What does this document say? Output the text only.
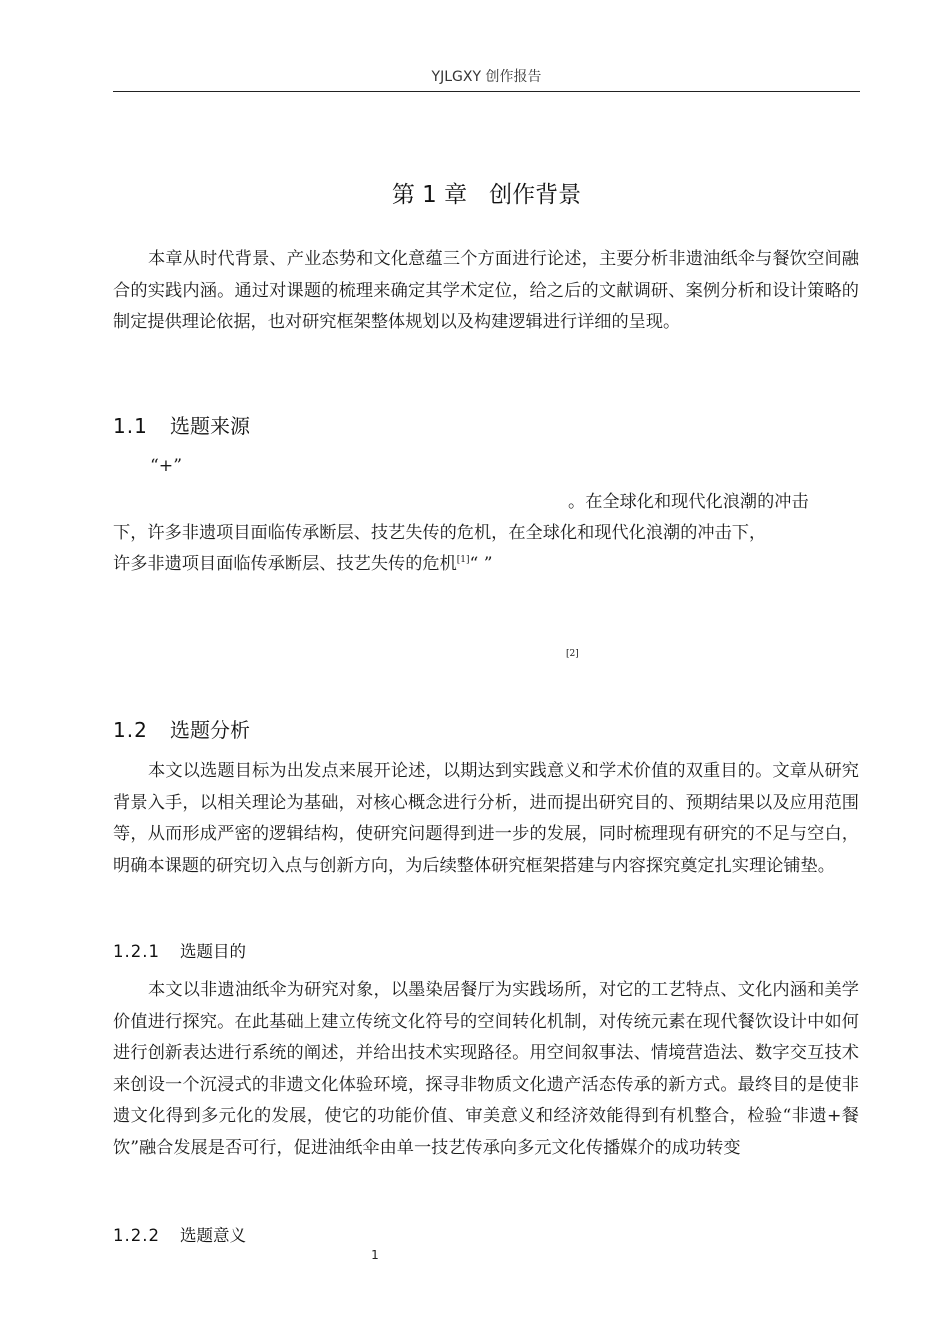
YJLGXY 创作报告
第 1 章 创作背景

本章从时代背景、产业态势和文化意蕴三个方面进行论述，主要分析非遗油纸伞与餐饮空间融合的实践内涵。通过对课题的梳理来确定其学术定位，给之后的文献调研、案例分析和设计策略的制定提供理论依据，也对研究框架整体规划以及构建逻辑进行详细的呈现。

1.1 选题来源
“+”
。在全球化和现代化浪潮的冲击
下，许多非遗项目面临传承断层、技艺失传的危机，在全球化和现代化浪潮的冲击下，
许多非遗项目面临传承断层、技艺失传的危机[1]“ ”
[2]
1.2 选题分析

本文以选题目标为出发点来展开论述，以期达到实践意义和学术价值的双重目的。文章从研究背景入手，以相关理论为基础，对核心概念进行分析，进而提出研究目的、预期结果以及应用范围等，从而形成严密的逻辑结构，使研究问题得到进一步的发展，同时梳理现有研究的不足与空白，明确本课题的研究切入点与创新方向，为后续整体研究框架搭建与内容探究奠定扎实理论铺垫。

1.2.1 选题目的

本文以非遗油纸伞为研究对象，以墨染居餐厅为实践场所，对它的工艺特点、文化内涵和美学价值进行探究。在此基础上建立传统文化符号的空间转化机制，对传统元素在现代餐饮设计中如何进行创新表达进行系统的阐述，并给出技术实现路径。用空间叙事法、情境营造法、数字交互技术来创设一个沉浸式的非遗文化体验环境，探寻非物质文化遗产活态传承的新方式。最终目的是使非遗文化得到多元化的发展，使它的功能价值、审美意义和经济效能得到有机整合，检验“非遗+餐饮”融合发展是否可行，促进油纸伞由单一技艺传承向多元文化传播媒介的成功转变

1.2.2 选题意义
1
